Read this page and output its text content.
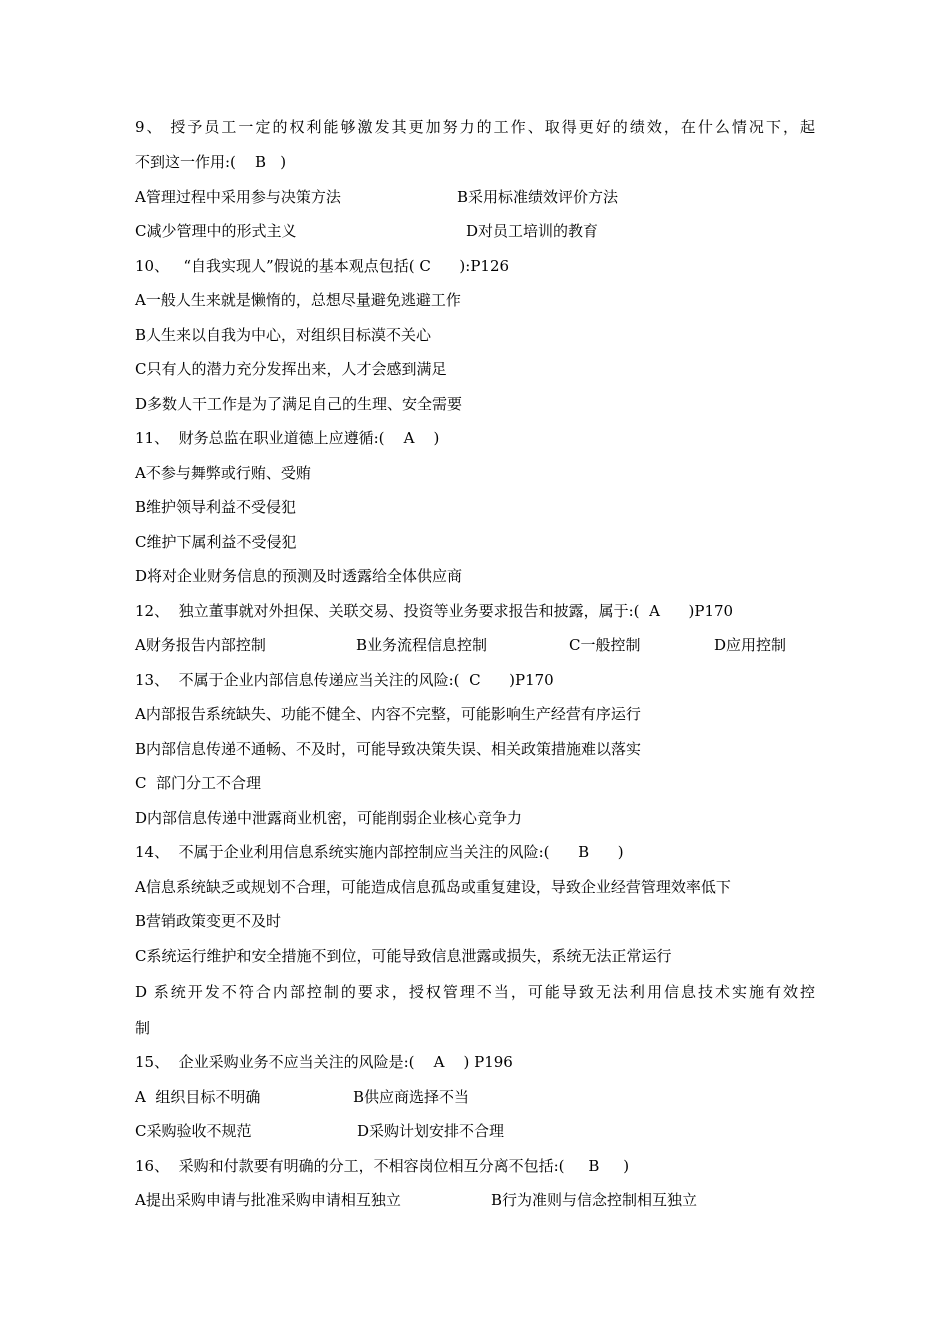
9、 授予员工一定的权利能够激发其更加努力的工作、取得更好的绩效，在什么情况下，起
不到这一作用:(    B   )

A管理过程中采用参与决策方法

	B采用标准绩效评价方法

C减少管理中的形式主义

	D对员工培训的教育

10、   “自我实现人”假说的基本观点包括( C      ):P126
A一般人生来就是懒惰的，总想尽量避免逃避工作
B人生来以自我为中心，对组织目标漠不关心
C只有人的潜力充分发挥出来，人才会感到满足
D多数人干工作是为了满足自己的生理、安全需要
11、  财务总监在职业道德上应遵循:(    A    )
A不参与舞弊或行贿、受贿
B维护领导利益不受侵犯
C维护下属利益不受侵犯
D将对企业财务信息的预测及时透露给全体供应商
12、  独立董事就对外担保、关联交易、投资等业务要求报告和披露，属于:(  A      )P170

A财务报告内部控制

	B业务流程信息控制

	C一般控制

	D应用控制

13、  不属于企业内部信息传递应当关注的风险:(  C      )P170
A内部报告系统缺失、功能不健全、内容不完整，可能影响生产经营有序运行
B内部信息传递不通畅、不及时，可能导致决策失误、相关政策措施难以落实
C  部门分工不合理
D内部信息传递中泄露商业机密，可能削弱企业核心竞争力
14、  不属于企业利用信息系统实施内部控制应当关注的风险:(      B      )
A信息系统缺乏或规划不合理，可能造成信息孤岛或重复建设，导致企业经营管理效率低下
B营销政策变更不及时
C系统运行维护和安全措施不到位，可能导致信息泄露或损失，系统无法正常运行
D 系统开发不符合内部控制的要求，授权管理不当，可能导致无法利用信息技术实施有效控
制
15、  企业采购业务不应当关注的风险是:(    A    ) P196

A  组织目标不明确

	B供应商选择不当

C采购验收不规范

	D采购计划安排不合理

16、  采购和付款要有明确的分工，不相容岗位相互分离不包括:(     B     )

A提出采购申请与批准采购申请相互独立

	B行为准则与信念控制相互独立
